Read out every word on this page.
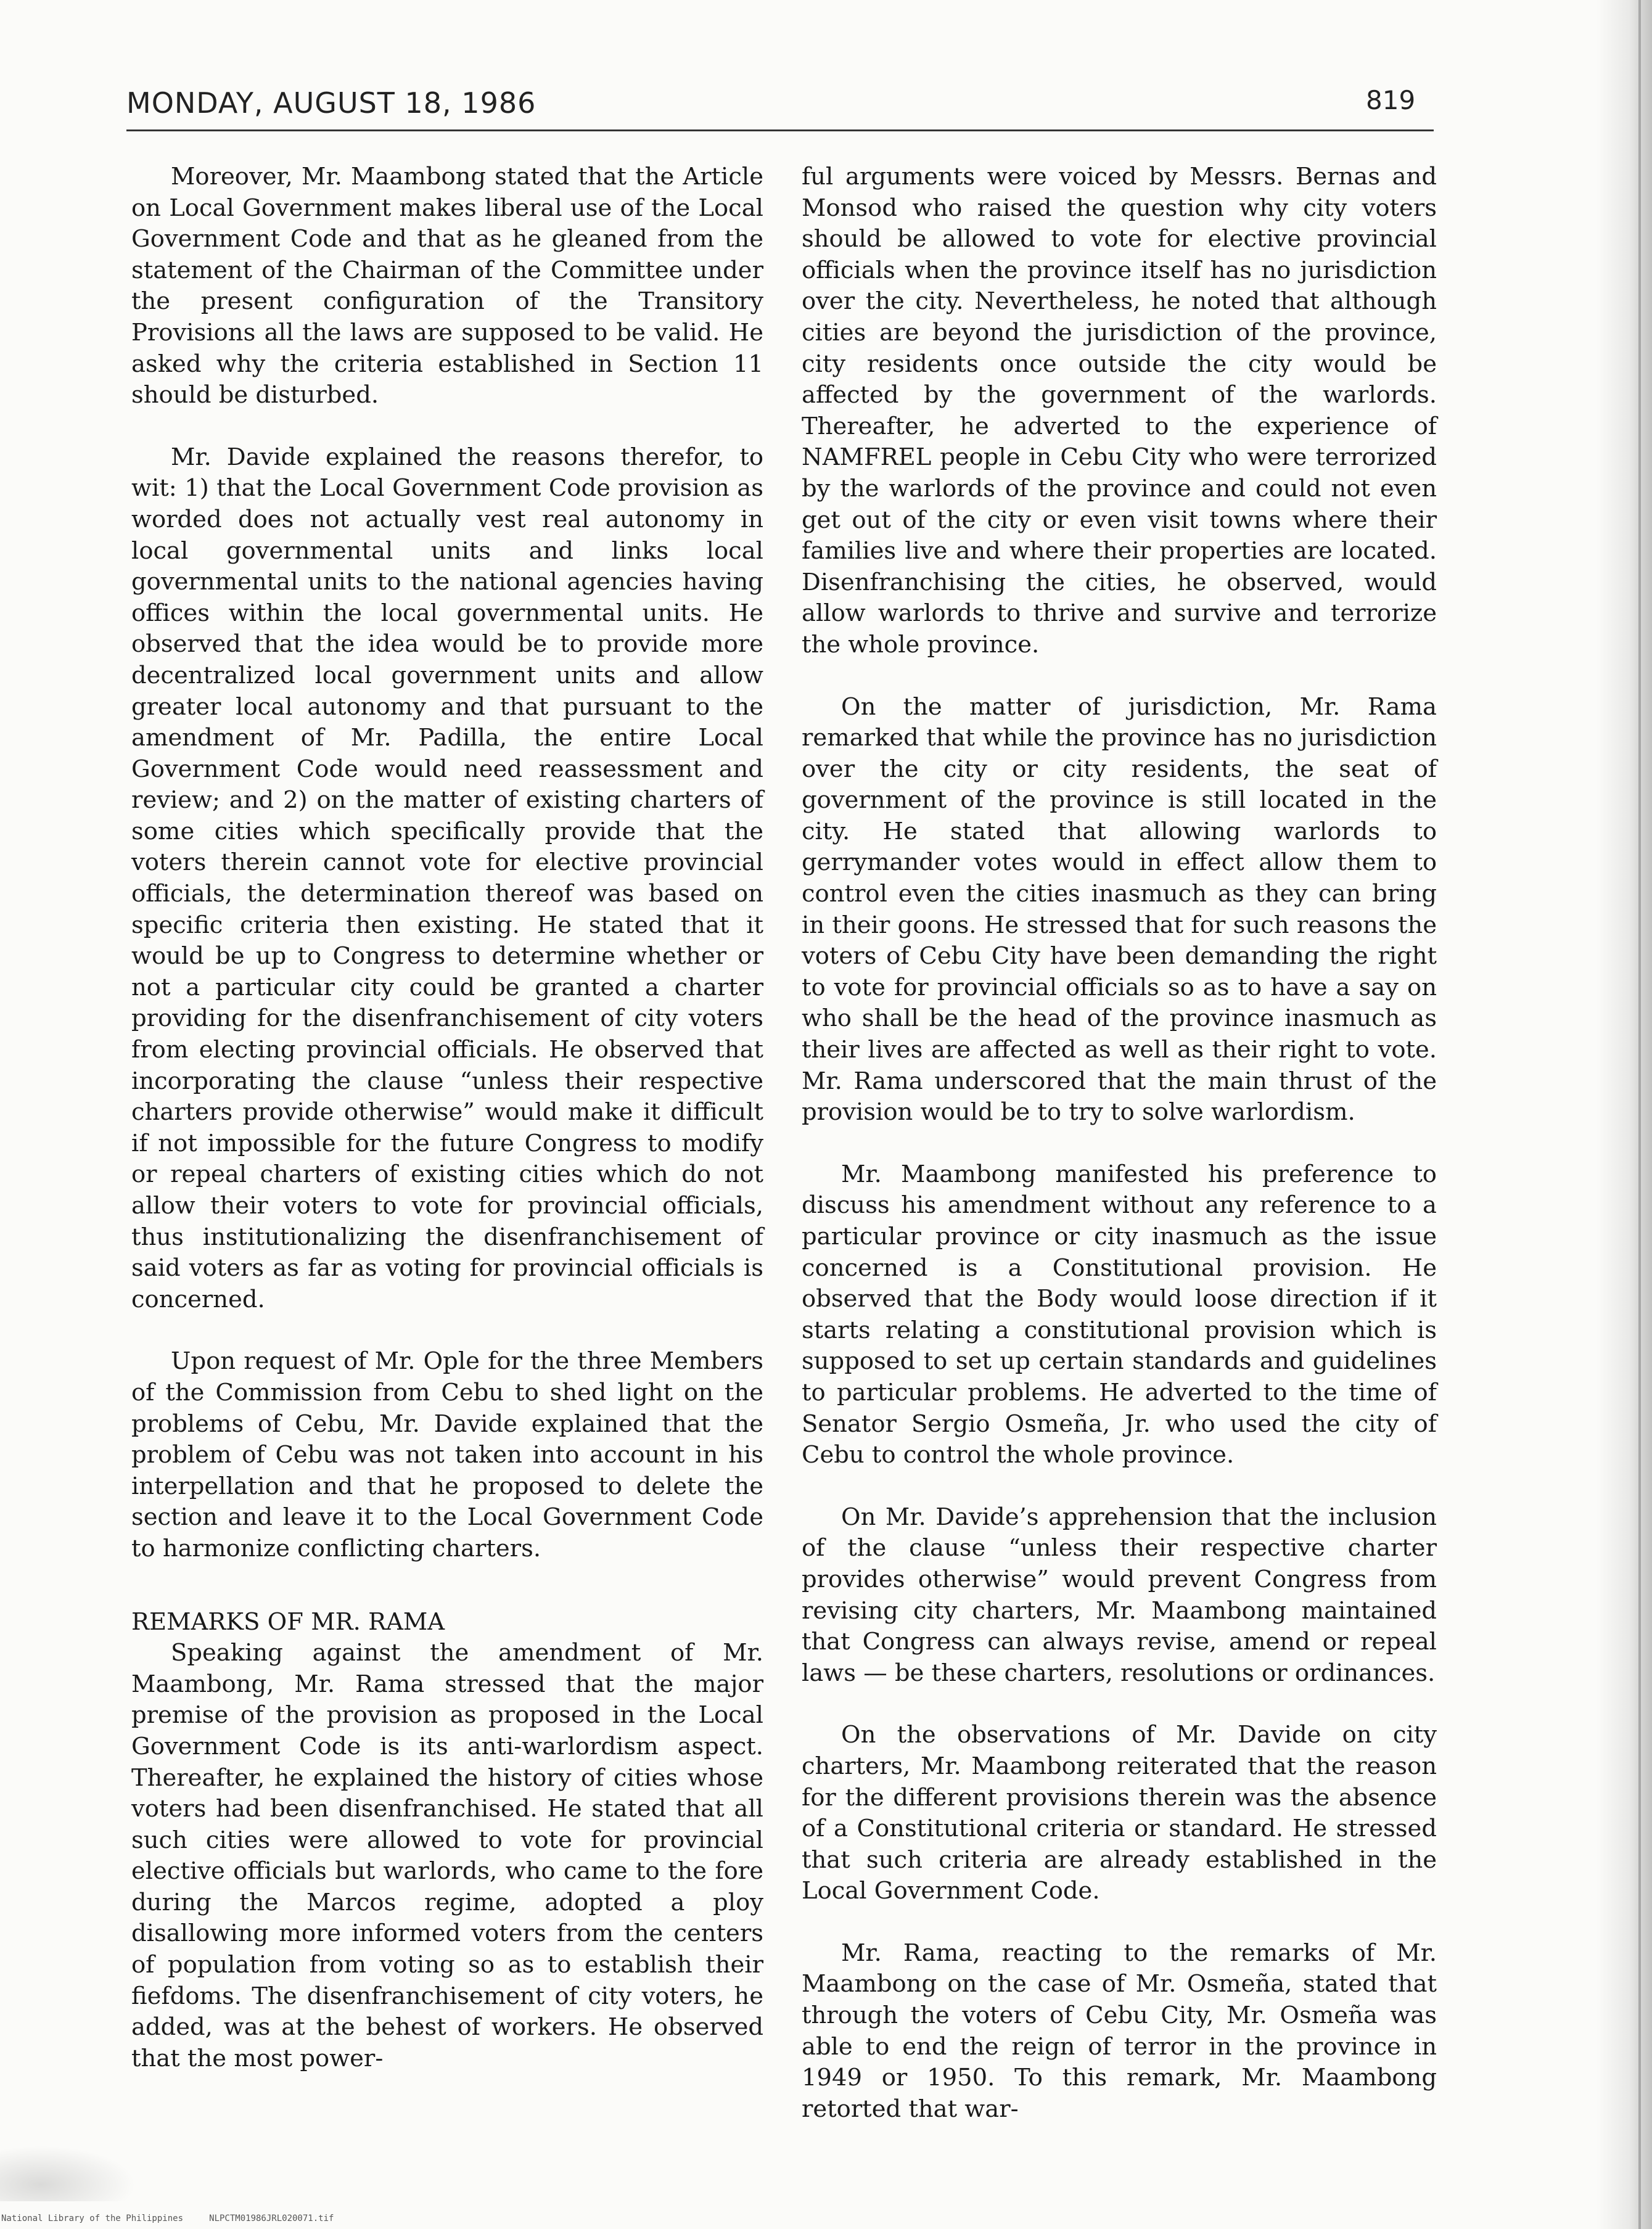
MONDAY, AUGUST 18, 1986	819

Moreover, Mr. Maambong stated that the Article on Local Government makes liberal use of the Local Government Code and that as he gleaned from the statement of the Chairman of the Committee under the present configuration of the Transitory Provisions all the laws are supposed to be valid. He asked why the criteria established in Section 11 should be disturbed.

Mr. Davide explained the reasons therefor, to wit: 1) that the Local Government Code provision as worded does not actually vest real autonomy in local governmental units and links local governmental units to the national agencies having offices within the local governmental units. He observed that the idea would be to provide more decentralized local government units and allow greater local autonomy and that pursuant to the amendment of Mr. Padilla, the entire Local Government Code would need reassessment and review; and 2) on the matter of existing charters of some cities which specifically provide that the voters therein cannot vote for elective provincial officials, the determination thereof was based on specific criteria then existing. He stated that it would be up to Congress to determine whether or not a particular city could be granted a charter providing for the disenfranchisement of city voters from electing provincial officials. He observed that incorporating the clause “unless their respective charters provide otherwise” would make it difficult if not impossible for the future Congress to modify or repeal charters of existing cities which do not allow their voters to vote for provincial officials, thus institutionalizing the disenfranchisement of said voters as far as voting for provincial officials is concerned.

Upon request of Mr. Ople for the three Members of the Commission from Cebu to shed light on the problems of Cebu, Mr. Davide explained that the problem of Cebu was not taken into account in his interpellation and that he proposed to delete the section and leave it to the Local Government Code to harmonize conflicting charters.

REMARKS OF MR. RAMA

Speaking against the amendment of Mr. Maambong, Mr. Rama stressed that the major premise of the provision as proposed in the Local Government Code is its anti-warlordism aspect. Thereafter, he explained the history of cities whose voters had been disenfranchised. He stated that all such cities were allowed to vote for provincial elective officials but warlords, who came to the fore during the Marcos regime, adopted a ploy disallowing more informed voters from the centers of population from voting so as to establish their fiefdoms. The disenfranchisement of city voters, he added, was at the behest of workers. He observed that the most power-

ful arguments were voiced by Messrs. Bernas and Monsod who raised the question why city voters should be allowed to vote for elective provincial officials when the province itself has no jurisdiction over the city. Nevertheless, he noted that although cities are beyond the jurisdiction of the province, city residents once outside the city would be affected by the government of the warlords. Thereafter, he adverted to the experience of NAMFREL people in Cebu City who were terrorized by the warlords of the province and could not even get out of the city or even visit towns where their families live and where their properties are located. Disenfranchising the cities, he observed, would allow warlords to thrive and survive and terrorize the whole province.

On the matter of jurisdiction, Mr. Rama remarked that while the province has no jurisdiction over the city or city residents, the seat of government of the province is still located in the city. He stated that allowing warlords to gerrymander votes would in effect allow them to control even the cities inasmuch as they can bring in their goons. He stressed that for such reasons the voters of Cebu City have been demanding the right to vote for provincial officials so as to have a say on who shall be the head of the province inasmuch as their lives are affected as well as their right to vote. Mr. Rama underscored that the main thrust of the provision would be to try to solve warlordism.

Mr. Maambong manifested his preference to discuss his amendment without any reference to a particular province or city inasmuch as the issue concerned is a Constitutional provision. He observed that the Body would loose direction if it starts relating a constitutional provision which is supposed to set up certain standards and guidelines to particular problems. He adverted to the time of Senator Sergio Osmeña, Jr. who used the city of Cebu to control the whole province.

On Mr. Davide’s apprehension that the inclusion of the clause “unless their respective charter provides otherwise” would prevent Congress from revising city charters, Mr. Maambong maintained that Congress can always revise, amend or repeal laws — be these charters, resolutions or ordinances.

On the observations of Mr. Davide on city charters, Mr. Maambong reiterated that the reason for the different provisions therein was the absence of a Constitutional criteria or standard. He stressed that such criteria are already established in the Local Government Code.

Mr. Rama, reacting to the remarks of Mr. Maambong on the case of Mr. Osmeña, stated that through the voters of Cebu City, Mr. Osmeña was able to end the reign of terror in the province in 1949 or 1950. To this remark, Mr. Maambong retorted that war-

National Library of the Philippines     NLPCTM01986JRL020071.tif
